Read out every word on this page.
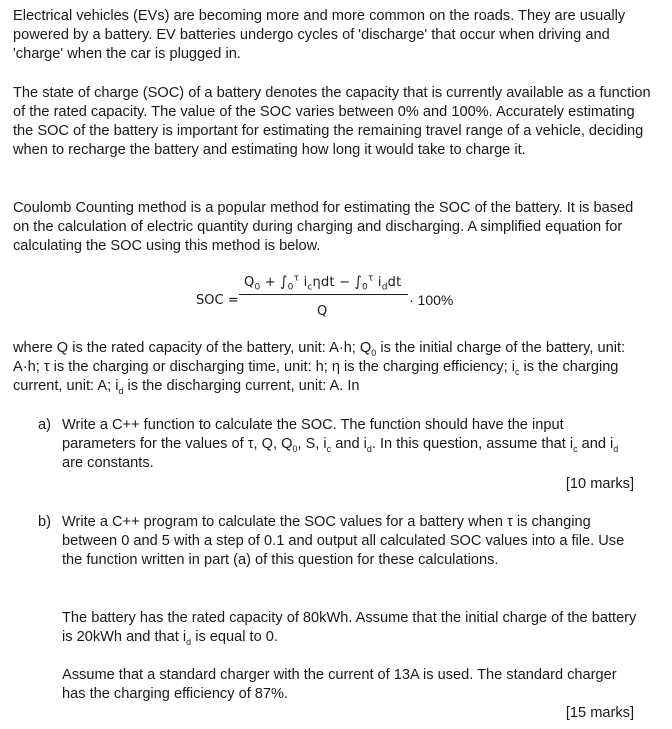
Electrical vehicles (EVs) are becoming more and more common on the roads. They are usually powered by a battery. EV batteries undergo cycles of 'discharge' that occur when driving and 'charge' when the car is plugged in.

The state of charge (SOC) of a battery denotes the capacity that is currently available as a function of the rated capacity. The value of the SOC varies between 0% and 100%. Accurately estimating the SOC of the battery is important for estimating the remaining travel range of a vehicle, deciding when to recharge the battery and estimating how long it would take to charge it.

Coulomb Counting method is a popular method for estimating the SOC of the battery. It is based on the calculation of electric quantity during charging and discharging. A simplified equation for calculating the SOC using this method is below.

SOC =
$Q_0 + \int_0^\tau$ $i_c\eta dt - \int_0^\tau$ $i_ddt$
Q
· 100%

where Q is the rated capacity of the battery, unit: A·h; $Q_0$ is the initial charge of the battery, unit: A·h; τ is the charging or discharging time, unit: h; η is the charging efficiency; $i_c$ is the charging current, unit: A; $i_d$ is the discharging current, unit: A. In

a) Write a C++ function to calculate the SOC. The function should have the input parameters for the values of τ, Q, $Q_0$, S, $i_c$ and $i_d$. In this question, assume that $i_c$ and $i_d$ are constants.
[10 marks]
b) Write a C++ program to calculate the SOC values for a battery when τ is changing between 0 and 5 with a step of 0.1 and output all calculated SOC values into a file. Use the function written in part (a) of this question for these calculations.
The battery has the rated capacity of 80kWh. Assume that the initial charge of the battery is 20kWh and that $i_d$ is equal to 0.
Assume that a standard charger with the current of 13A is used. The standard charger has the charging efficiency of 87%.
[15 marks]
